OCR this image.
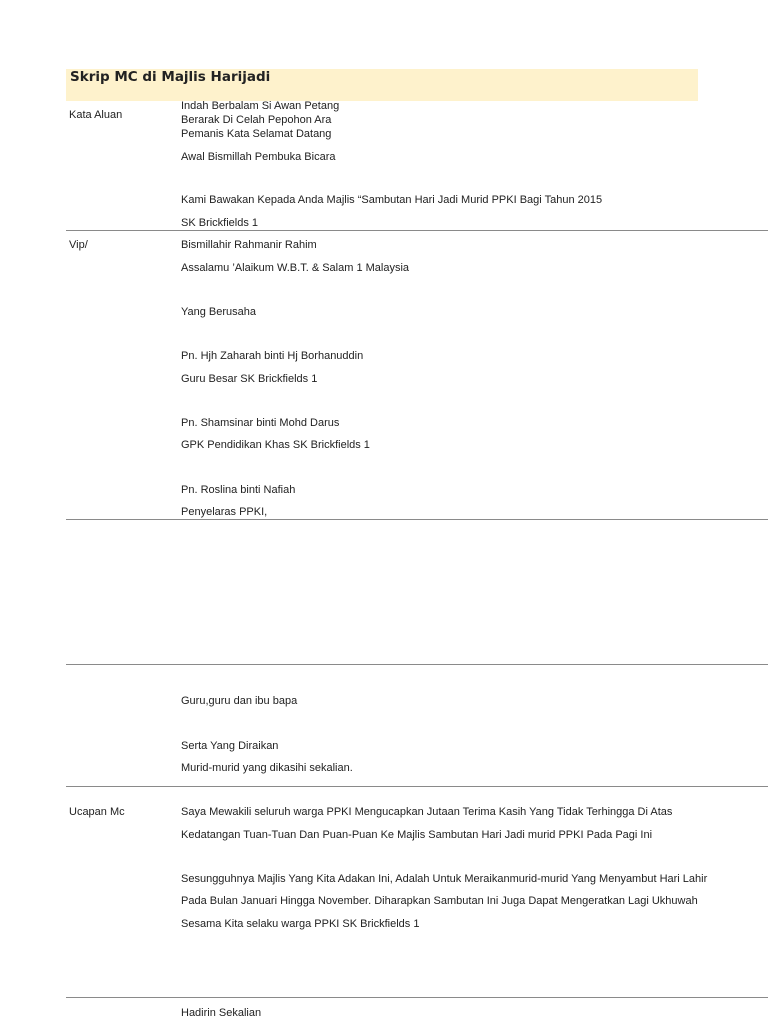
Skrip MC di Majlis Harijadi
Kata Aluan
Indah Berbalam Si Awan Petang
Berarak Di Celah Pepohon Ara
Pemanis Kata Selamat Datang
Awal Bismillah Pembuka Bicara
Kami Bawakan Kepada Anda Majlis “Sambutan Hari Jadi Murid PPKI Bagi Tahun 2015
SK Brickfields 1
Vip/	Bismillahir Rahmanir Rahim
Assalamu ’Alaikum W.B.T. & Salam 1 Malaysia
Yang Berusaha
Pn. Hjh Zaharah binti Hj Borhanuddin
Guru Besar SK Brickfields 1
Pn. Shamsinar binti Mohd Darus
GPK Pendidikan Khas SK Brickfields 1
Pn. Roslina binti Nafiah
Penyelaras PPKI,
Guru,guru dan ibu bapa
Serta Yang Diraikan
Murid-murid yang dikasihi sekalian.
Ucapan Mc	Saya Mewakili seluruh warga PPKI Mengucapkan Jutaan Terima Kasih Yang Tidak Terhingga Di Atas
Kedatangan Tuan-Tuan Dan Puan-Puan Ke Majlis Sambutan Hari Jadi murid PPKI Pada Pagi Ini
Sesungguhnya Majlis Yang Kita Adakan Ini, Adalah Untuk Meraikanmurid-murid Yang Menyambut Hari Lahir
Pada Bulan Januari Hingga November. Diharapkan Sambutan Ini Juga Dapat Mengeratkan Lagi Ukhuwah
Sesama Kita selaku warga PPKI SK Brickfields 1
Hadirin Sekalian
